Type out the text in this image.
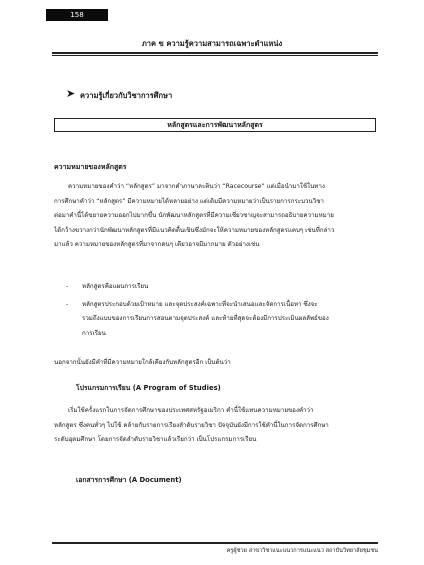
158
ภาค ข ความรู้ความสามารถเฉพาะตำแหน่ง
➤ ความรู้เกี่ยวกับวิชาการศึกษา
หลักสูตรและการพัฒนาหลักสูตร
ความหมายของหลักสูตร
ความหมายของคำว่า “หลักสูตร” มาจากคำภาษาละตินว่า “Racecourse” แต่เมื่อนำมาใช้ในทาง
การศึกษาคำว่า “หลักสูตร” มีความหมายได้หลายอย่าง แต่เดิมมีความหมายว่าเป็นรายการกระบวนวิชา
ต่อมาคำนี้ได้ขยายความออกไปมากขึ้น นักพัฒนาหลักสูตรที่มีความเชี่ยวชาญจะสามารถอธิบายความหมาย
ได้กว้างขวางกว่านักพัฒนาหลักสูตรที่มีแนวคิดตื้นเขินซึ่งมักจะให้ความหมายของหลักสูตรแคบๆ เช่นที่กล่าว
มาแล้ว ความหมายของหลักสูตรที่มาจากคนๆ เดียวอาจมีมากมาย ตัวอย่างเช่น
- หลักสูตรคือแผนการเรียน
- หลักสูตรประกอบด้วยเป้าหมาย และจุดประสงค์เฉพาะที่จะนำเสนอและจัดการเนื้อหา ซึ่งจะ
รวมถึงแบบของการเรียนการสอนตามจุดประสงค์ และท้ายที่สุดจะต้องมีการประเมินผลลัพธ์ของ
การเรียน
นอกจากนั้นยังมีคำที่มีความหมายใกล้เคียงกับหลักสูตรอีก เป็นต้นว่า
โปรแกรมการเรียน (A Program of Studies)
เริ่มใช้ครั้งแรกในการจัดการศึกษาของประเทศสหรัฐอเมริกา คำนี้ใช้แทนความหมายของคำว่า
หลักสูตร ซึ่งคนทั่วๆ ไปใช้ คล้ายกับรายการเรียงลำดับรายวิชา ปัจจุบันยังมีการใช้คำนี้ในการจัดการศึกษา
ระดับอุดมศึกษา โดยการจัดลำดับรายวิชาแล้วเรียกว่า เป็นโปรแกรมการเรียน
เอกสารการศึกษา (A Document)
ครูผู้ช่วย สาขาวิชาแนะแนวการแนะแนว สถาบันวิทยาลัยชุมชน
